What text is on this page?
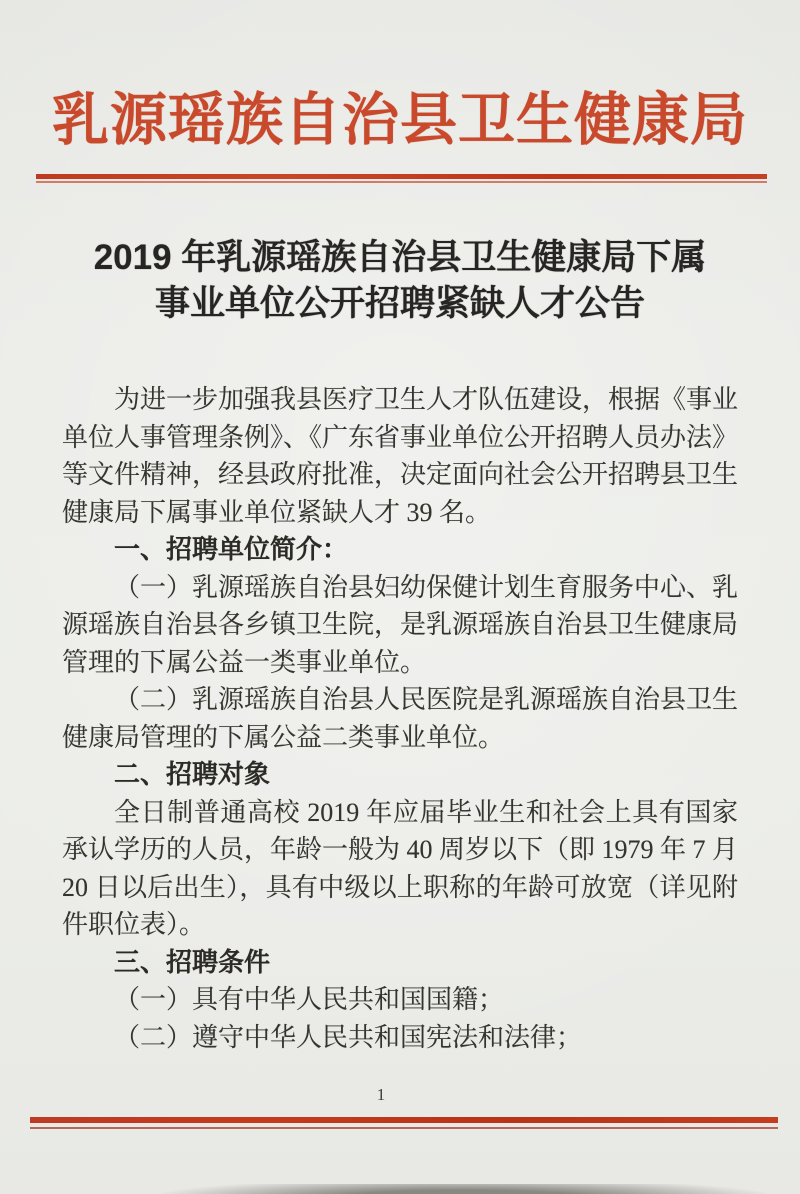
乳源瑶族自治县卫生健康局
2019 年乳源瑶族自治县卫生健康局下属
事业单位公开招聘紧缺人才公告

为进一步加强我县医疗卫生人才队伍建设，根据《事业单位人事管理条例》、《广东省事业单位公开招聘人员办法》等文件精神，经县政府批准，决定面向社会公开招聘县卫生健康局下属事业单位紧缺人才 39 名。

一、招聘单位简介：

（一）乳源瑶族自治县妇幼保健计划生育服务中心、乳源瑶族自治县各乡镇卫生院，是乳源瑶族自治县卫生健康局管理的下属公益一类事业单位。

（二）乳源瑶族自治县人民医院是乳源瑶族自治县卫生健康局管理的下属公益二类事业单位。

二、招聘对象

全日制普通高校 2019 年应届毕业生和社会上具有国家承认学历的人员，年龄一般为 40 周岁以下（即 1979 年 7 月 20 日以后出生），具有中级以上职称的年龄可放宽（详见附件职位表）。

三、招聘条件

（一）具有中华人民共和国国籍；

（二）遵守中华人民共和国宪法和法律；

1
